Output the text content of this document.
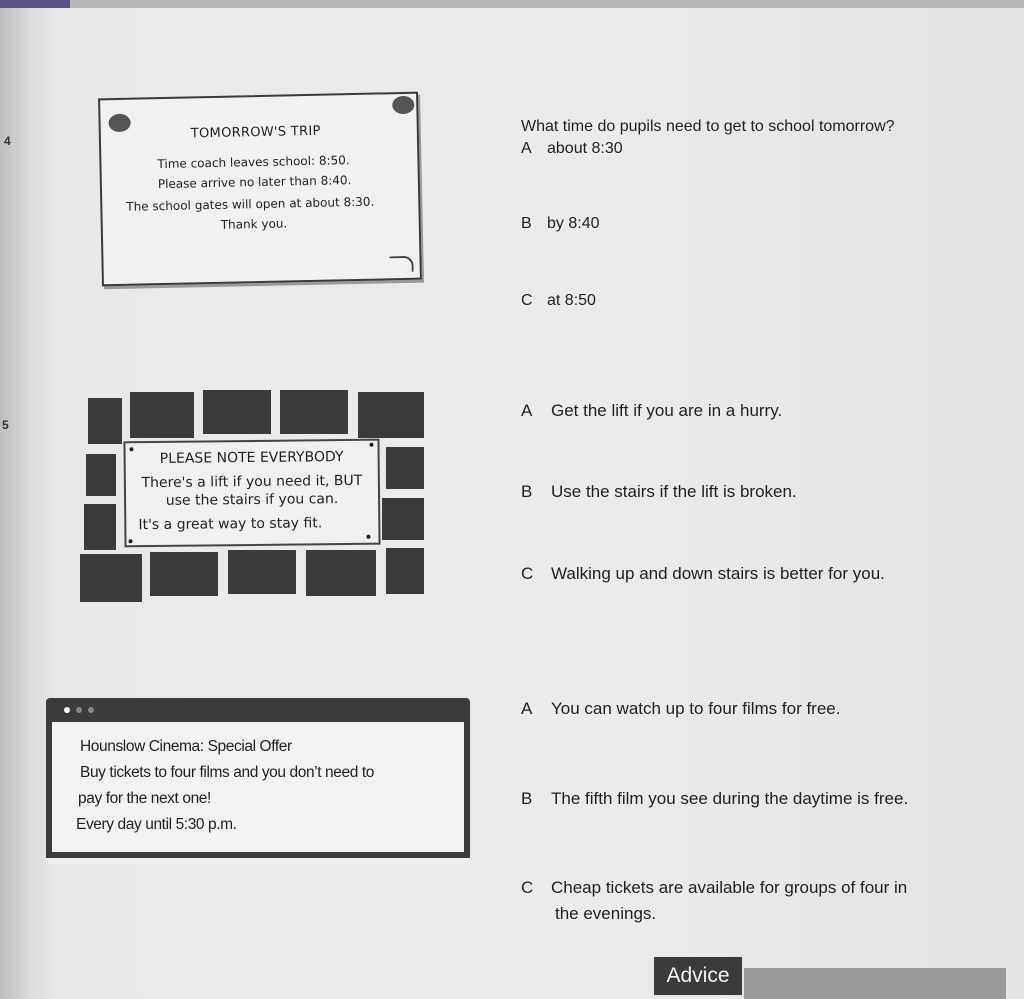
4
5
TOMORROW'S TRIP
Time coach leaves school: 8:50.
Please arrive no later than 8:40.
The school gates will open at about 8:30.
Thank you.
What time do pupils need to get to school tomorrow?
A about 8:30
B by 8:40
C at 8:50
PLEASE NOTE EVERYBODY
There's a lift if you need it, BUT
use the stairs if you can.
It's a great way to stay fit.
A Get the lift if you are in a hurry.
B Use the stairs if the lift is broken.
C Walking up and down stairs is better for you.
Hounslow Cinema: Special Offer
Buy tickets to four films and you don’t need to
pay for the next one!
Every day until 5:30 p.m.
A You can watch up to four films for free.
B The fifth film you see during the daytime is free.
C Cheap tickets are available for groups of four in
the evenings.
Advice
